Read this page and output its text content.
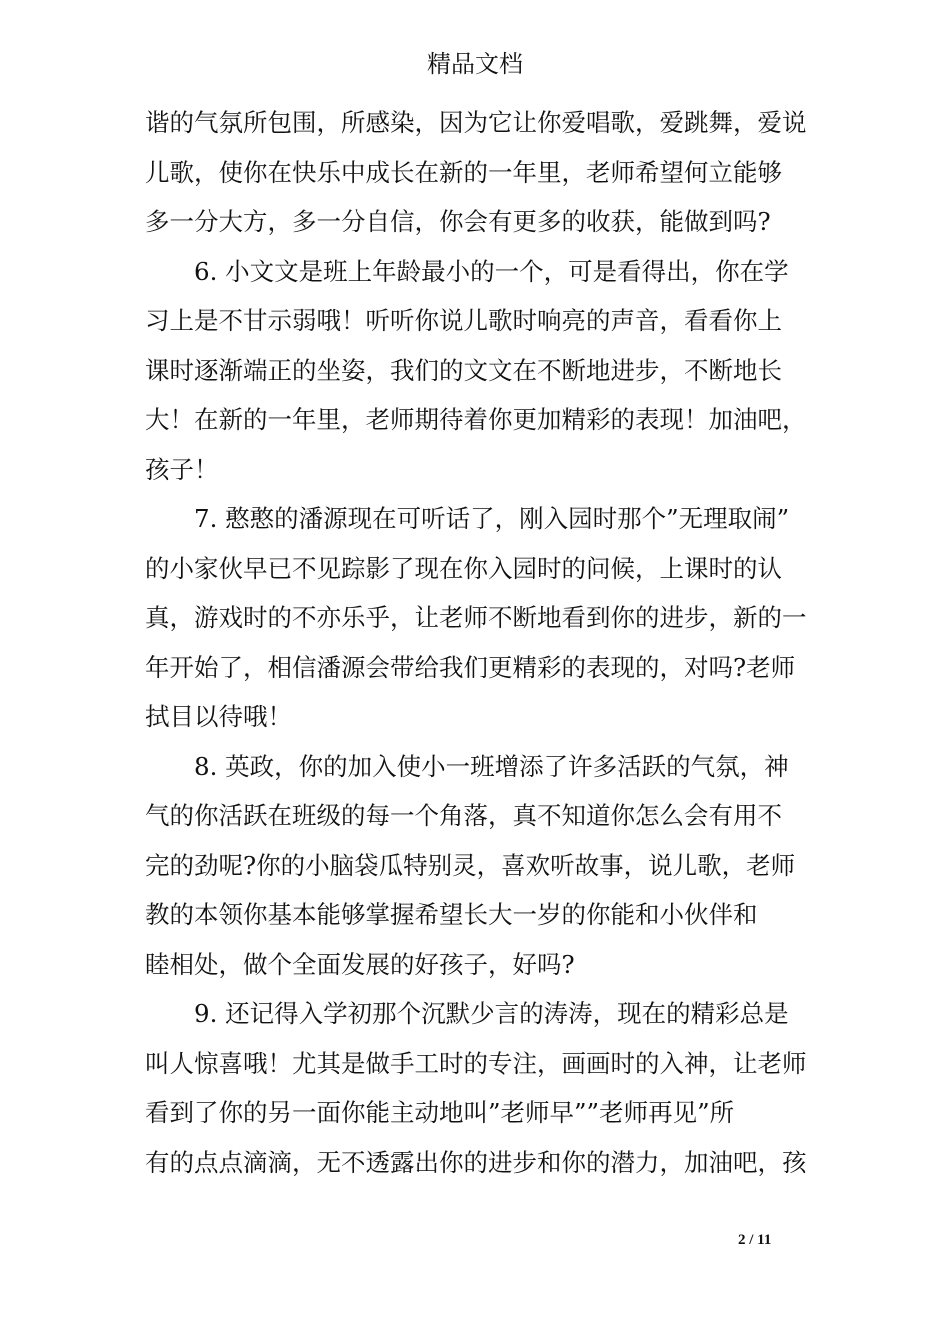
精品文档
谐的气氛所包围，所感染，因为它让你爱唱歌，爱跳舞，爱说
儿歌，使你在快乐中成长在新的一年里，老师希望何立能够
多一分大方，多一分自信，你会有更多的收获，能做到吗?
6. 小文文是班上年龄最小的一个，可是看得出，你在学
习上是不甘示弱哦！听听你说儿歌时响亮的声音，看看你上
课时逐渐端正的坐姿，我们的文文在不断地进步，不断地长
大！在新的一年里，老师期待着你更加精彩的表现！加油吧，
孩子！
7. 憨憨的潘源现在可听话了，刚入园时那个”无理取闹”
的小家伙早已不见踪影了现在你入园时的问候，上课时的认
真，游戏时的不亦乐乎，让老师不断地看到你的进步，新的一
年开始了，相信潘源会带给我们更精彩的表现的，对吗?老师
拭目以待哦！
8. 英政，你的加入使小一班增添了许多活跃的气氛，神
气的你活跃在班级的每一个角落，真不知道你怎么会有用不
完的劲呢?你的小脑袋瓜特别灵，喜欢听故事，说儿歌，老师
教的本领你基本能够掌握希望长大一岁的你能和小伙伴和
睦相处，做个全面发展的好孩子，好吗?
9. 还记得入学初那个沉默少言的涛涛，现在的精彩总是
叫人惊喜哦！尤其是做手工时的专注，画画时的入神，让老师
看到了你的另一面你能主动地叫”老师早””老师再见”所
有的点点滴滴，无不透露出你的进步和你的潜力，加油吧，孩
2 / 11
